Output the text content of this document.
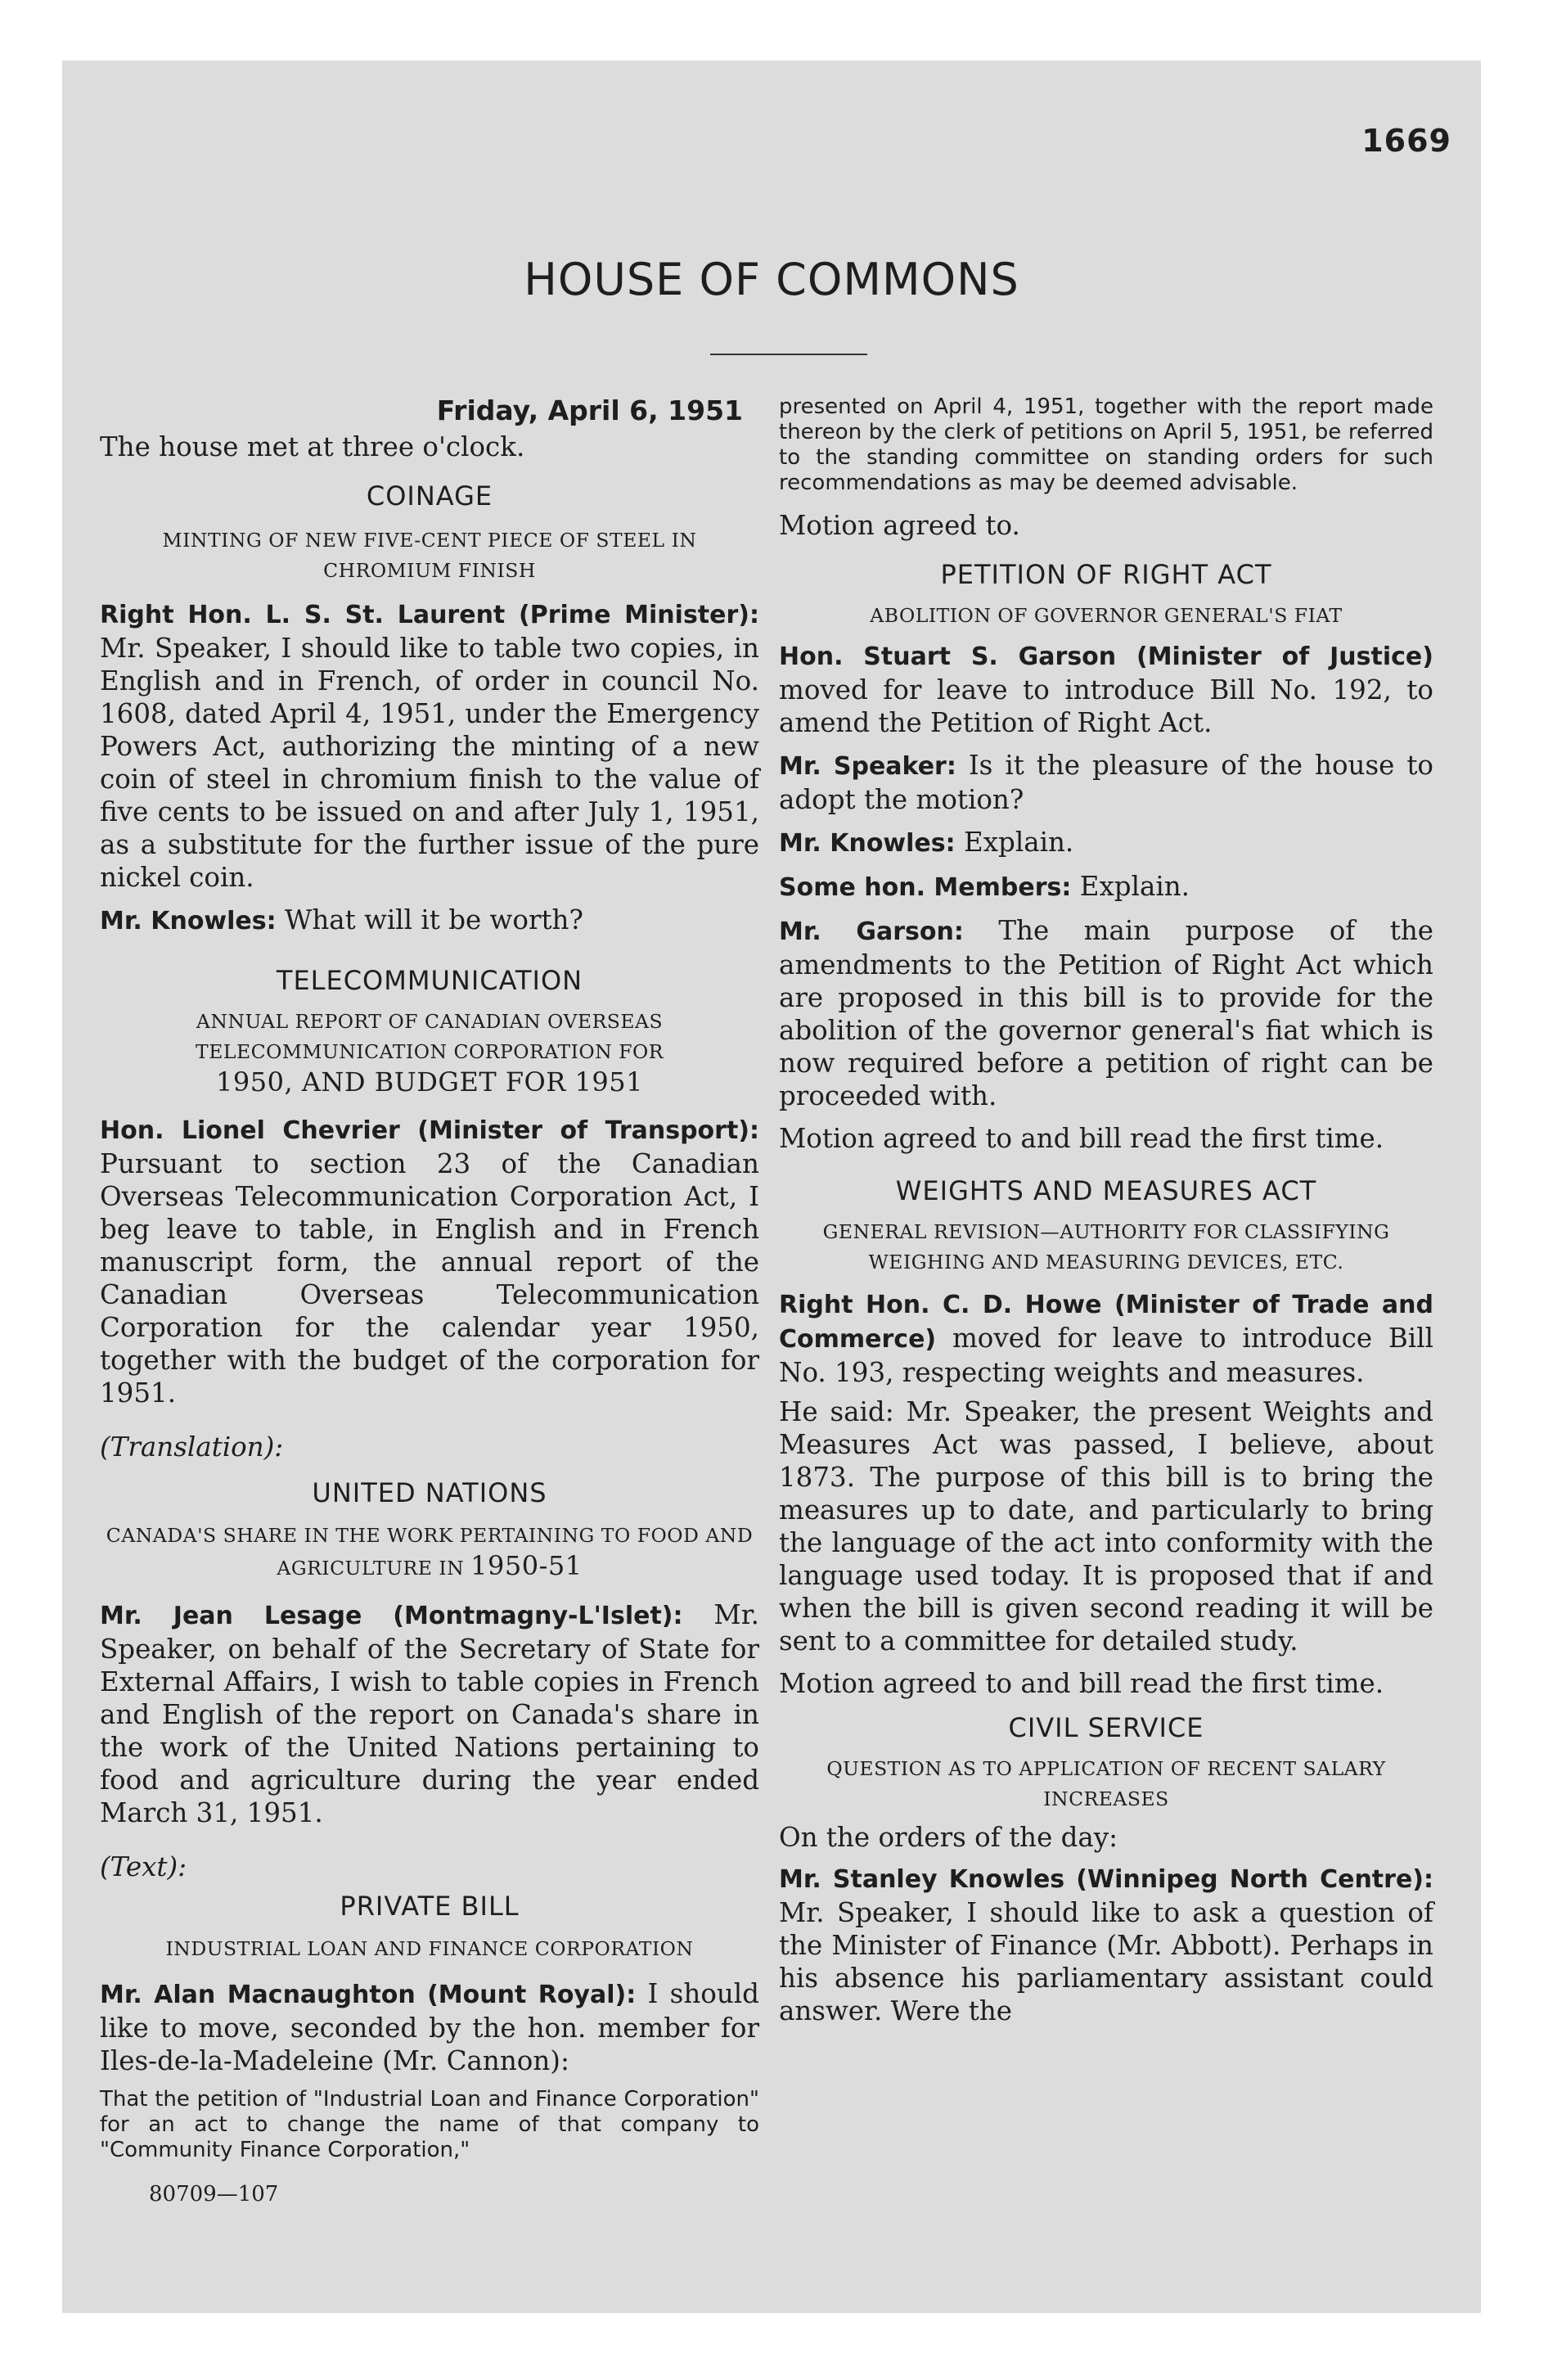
1669
HOUSE OF COMMONS

Friday, April 6, 1951

The house met at three o'clock.

COINAGE

MINTING OF NEW FIVE-CENT PIECE OF STEEL IN CHROMIUM FINISH

Right Hon. L. S. St. Laurent (Prime Minister): Mr. Speaker, I should like to table two copies, in English and in French, of order in council No. 1608, dated April 4, 1951, under the Emergency Powers Act, authorizing the minting of a new coin of steel in chromium finish to the value of five cents to be issued on and after July 1, 1951, as a substitute for the further issue of the pure nickel coin.

Mr. Knowles: What will it be worth?

TELECOMMUNICATION

ANNUAL REPORT OF CANADIAN OVERSEAS TELECOMMUNICATION CORPORATION FOR
1950, AND BUDGET FOR 1951

Hon. Lionel Chevrier (Minister of Transport): Pursuant to section 23 of the Canadian Overseas Telecommunication Corporation Act, I beg leave to table, in English and in French manuscript form, the annual report of the Canadian Overseas Telecommunication Corporation for the calendar year 1950, together with the budget of the corporation for 1951.

(Translation):

UNITED NATIONS

CANADA'S SHARE IN THE WORK PERTAINING TO FOOD AND AGRICULTURE IN 1950-51

Mr. Jean Lesage (Montmagny-L'Islet): Mr. Speaker, on behalf of the Secretary of State for External Affairs, I wish to table copies in French and English of the report on Canada's share in the work of the United Nations pertaining to food and agriculture during the year ended March 31, 1951.

(Text):

PRIVATE BILL

INDUSTRIAL LOAN AND FINANCE CORPORATION

Mr. Alan Macnaughton (Mount Royal): I should like to move, seconded by the hon. member for Iles-de-la-Madeleine (Mr. Cannon):

That the petition of "Industrial Loan and Finance Corporation" for an act to change the name of that company to "Community Finance Corporation,"

80709—107

presented on April 4, 1951, together with the report made thereon by the clerk of petitions on April 5, 1951, be referred to the standing committee on standing orders for such recommendations as may be deemed advisable.

Motion agreed to.

PETITION OF RIGHT ACT

ABOLITION OF GOVERNOR GENERAL'S FIAT

Hon. Stuart S. Garson (Minister of Justice) moved for leave to introduce Bill No. 192, to amend the Petition of Right Act.

Mr. Speaker: Is it the pleasure of the house to adopt the motion?

Mr. Knowles: Explain.

Some hon. Members: Explain.

Mr. Garson: The main purpose of the amendments to the Petition of Right Act which are proposed in this bill is to provide for the abolition of the governor general's fiat which is now required before a petition of right can be proceeded with.

Motion agreed to and bill read the first time.

WEIGHTS AND MEASURES ACT

GENERAL REVISION—AUTHORITY FOR CLASSIFYING WEIGHING AND MEASURING DEVICES, ETC.

Right Hon. C. D. Howe (Minister of Trade and Commerce) moved for leave to introduce Bill No. 193, respecting weights and measures.

He said: Mr. Speaker, the present Weights and Measures Act was passed, I believe, about 1873. The purpose of this bill is to bring the measures up to date, and particularly to bring the language of the act into conformity with the language used today. It is proposed that if and when the bill is given second reading it will be sent to a committee for detailed study.

Motion agreed to and bill read the first time.

CIVIL SERVICE

QUESTION AS TO APPLICATION OF RECENT SALARY INCREASES

On the orders of the day:

Mr. Stanley Knowles (Winnipeg North Centre): Mr. Speaker, I should like to ask a question of the Minister of Finance (Mr. Abbott). Perhaps in his absence his parliamentary assistant could answer. Were the
